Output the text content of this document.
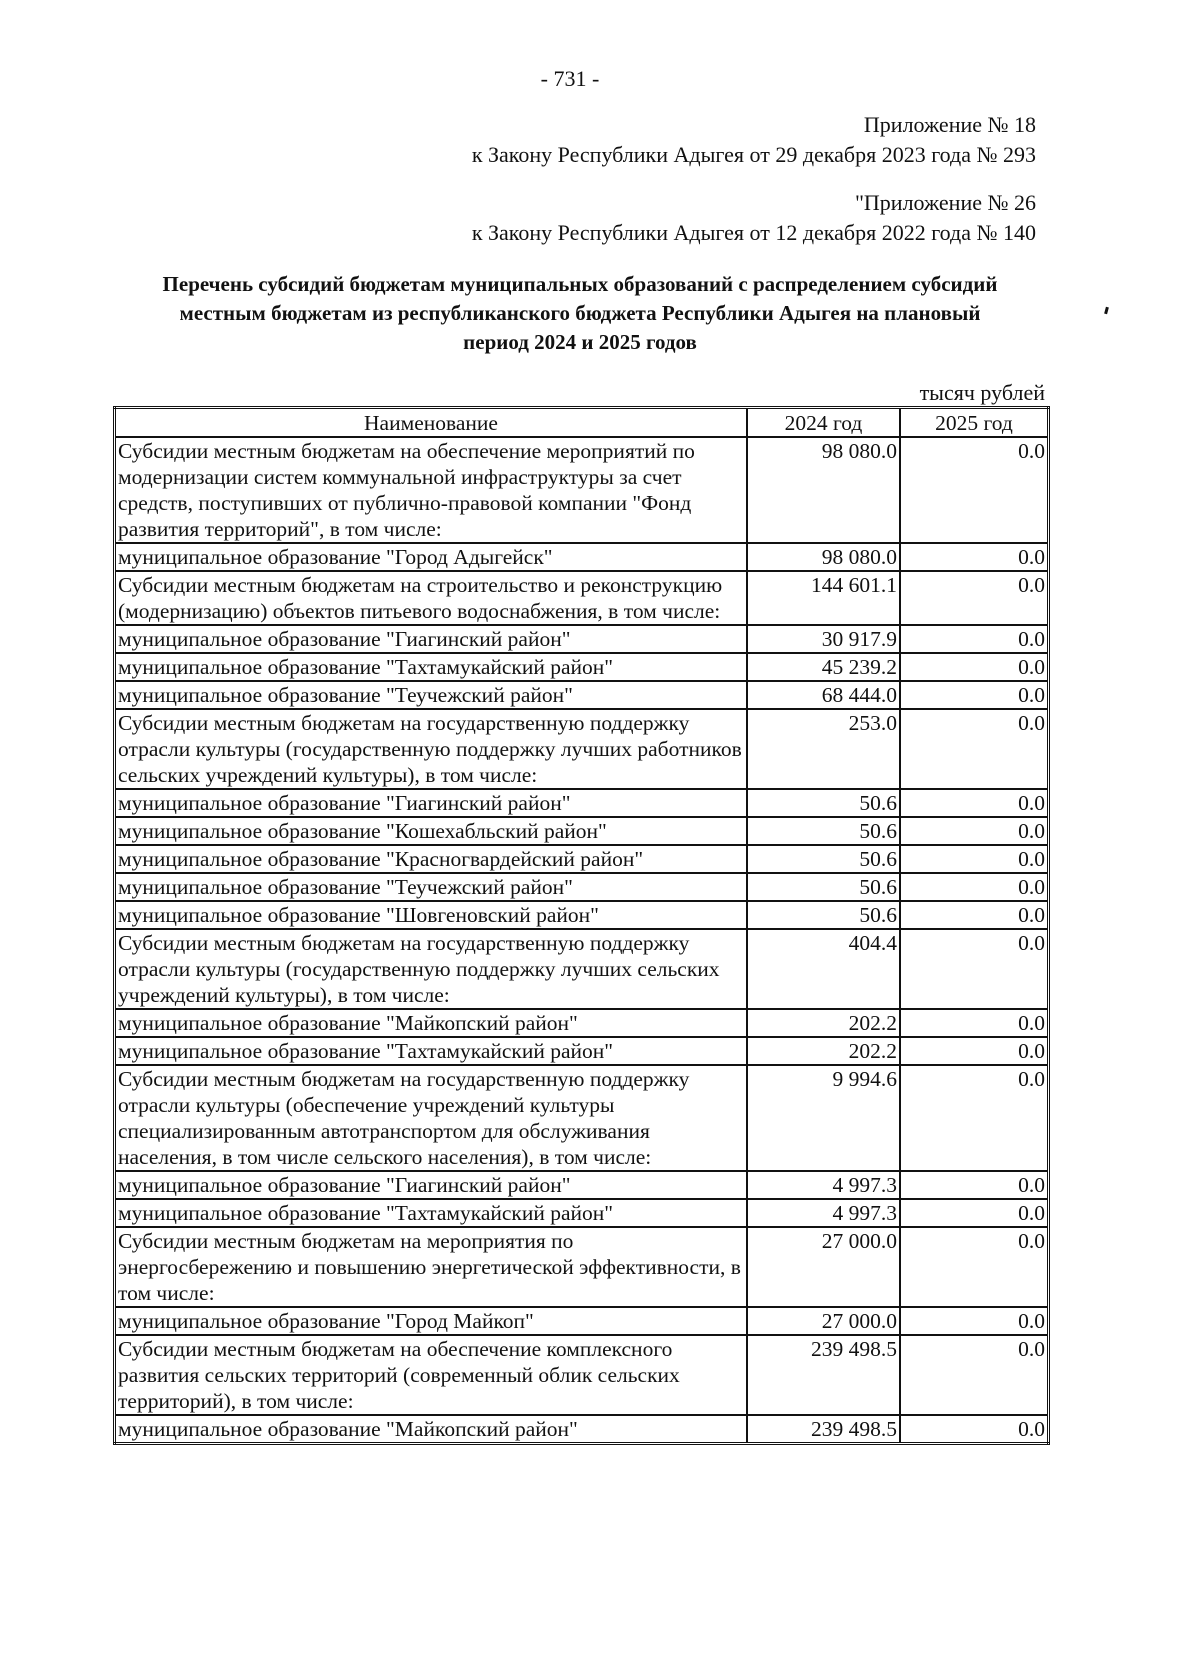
- 731 -
Приложение № 18
к Закону Республики Адыгея от 29 декабря 2023 года № 293
"Приложение № 26
к Закону Республики Адыгея от 12 декабря 2022 года № 140
Перечень субсидий бюджетам муниципальных образований с распределением субсидий
местным бюджетам из республиканского бюджета Республики Адыгея на плановый
период 2024 и 2025 годов
тысяч рублей
Наименование	2024 год	2025 год
Субсидии местным бюджетам на обеспечение мероприятий по модернизации систем коммунальной инфраструктуры за счет средств, поступивших от публично-правовой компании "Фонд развития территорий", в том числе:	98 080.0	0.0
муниципальное образование "Город Адыгейск"	98 080.0	0.0
Субсидии местным бюджетам на строительство и реконструкцию (модернизацию) объектов питьевого водоснабжения, в том числе:	144 601.1	0.0
муниципальное образование "Гиагинский район"	30 917.9	0.0
муниципальное образование "Тахтамукайский район"	45 239.2	0.0
муниципальное образование "Теучежский район"	68 444.0	0.0
Субсидии местным бюджетам на государственную поддержку отрасли культуры (государственную поддержку лучших работников сельских учреждений культуры), в том числе:	253.0	0.0
муниципальное образование "Гиагинский район"	50.6	0.0
муниципальное образование "Кошехабльский район"	50.6	0.0
муниципальное образование "Красногвардейский район"	50.6	0.0
муниципальное образование "Теучежский район"	50.6	0.0
муниципальное образование "Шовгеновский район"	50.6	0.0
Субсидии местным бюджетам на государственную поддержку отрасли культуры (государственную поддержку лучших сельских учреждений культуры), в том числе:	404.4	0.0
муниципальное образование "Майкопский район"	202.2	0.0
муниципальное образование "Тахтамукайский район"	202.2	0.0
Субсидии местным бюджетам на государственную поддержку отрасли культуры (обеспечение учреждений культуры специализированным автотранспортом для обслуживания населения, в том числе сельского населения), в том числе:	9 994.6	0.0
муниципальное образование "Гиагинский район"	4 997.3	0.0
муниципальное образование "Тахтамукайский район"	4 997.3	0.0
Субсидии местным бюджетам на мероприятия по энергосбережению и повышению энергетической эффективности, в том числе:	27 000.0	0.0
муниципальное образование "Город Майкоп"	27 000.0	0.0
Субсидии местным бюджетам на обеспечение комплексного развития сельских территорий (современный облик сельских территорий), в том числе:	239 498.5	0.0
муниципальное образование "Майкопский район"	239 498.5	0.0
